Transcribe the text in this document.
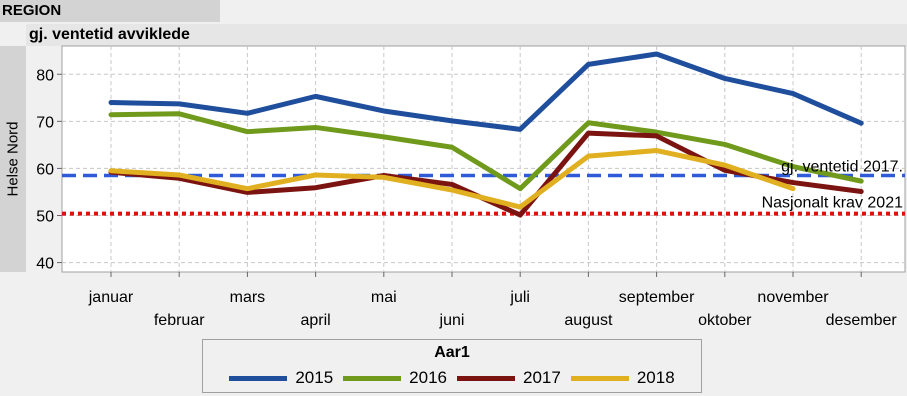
REGION
gj. ventetid avviklede
Helse Nord
40
50
60
70
80
januar
februar
mars
april
mai
juni
juli
august
september
oktober
november
desember
gj. ventetid 2017.
Nasjonalt krav 2021
Aar1
2015	2016	2017	2018
